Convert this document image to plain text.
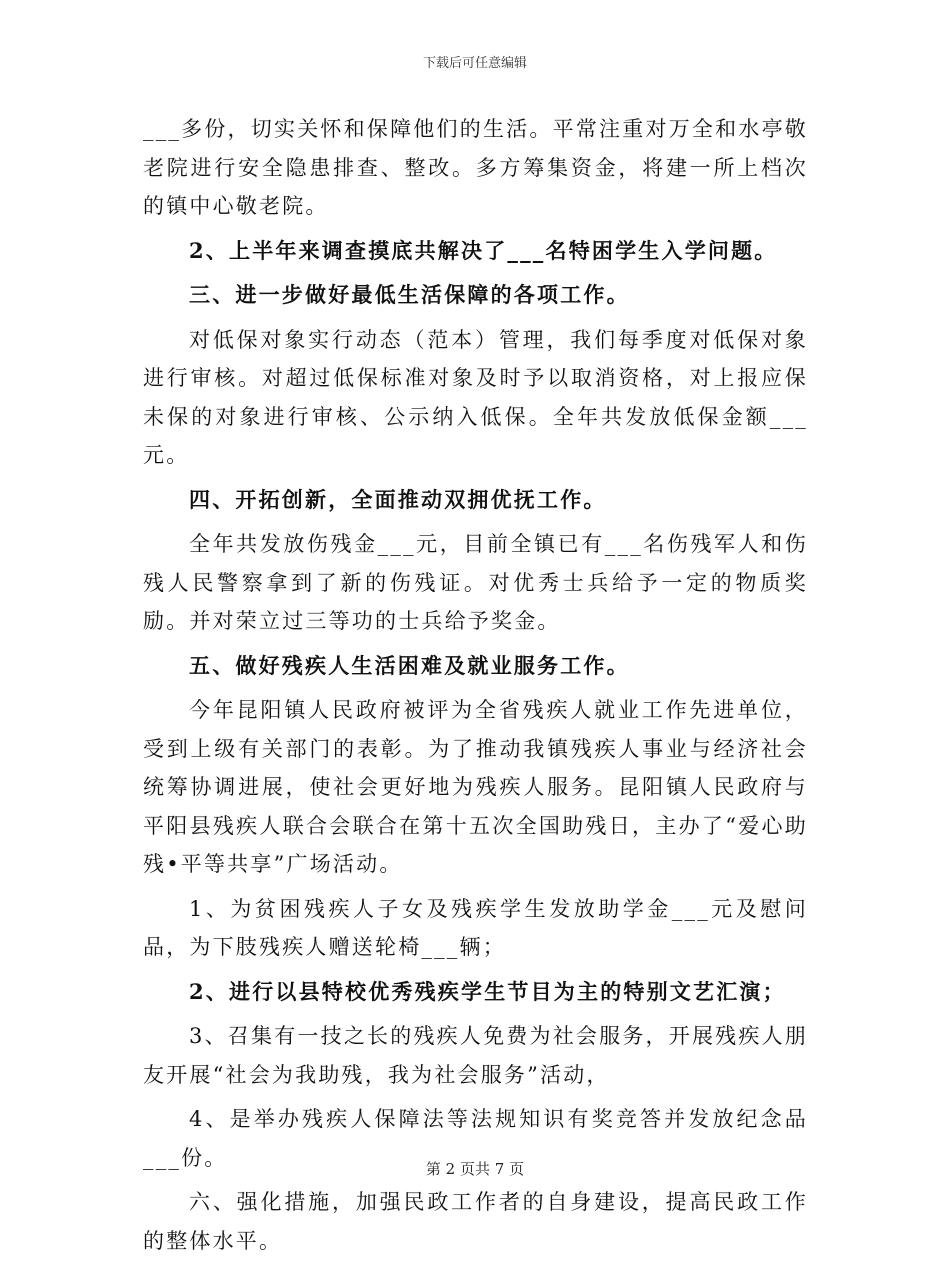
下载后可任意编辑

___多份，切实关怀和保障他们的生活。平常注重对万全和水亭敬老院进行安全隐患排查、整改。多方筹集资金，将建一所上档次的镇中心敬老院。

2、上半年来调查摸底共解决了___名特困学生入学问题。

三、进一步做好最低生活保障的各项工作。

对低保对象实行动态（范本）管理，我们每季度对低保对象进行审核。对超过低保标准对象及时予以取消资格，对上报应保未保的对象进行审核、公示纳入低保。全年共发放低保金额___元。

四、开拓创新，全面推动双拥优抚工作。

全年共发放伤残金___元，目前全镇已有___名伤残军人和伤残人民警察拿到了新的伤残证。对优秀士兵给予一定的物质奖励。并对荣立过三等功的士兵给予奖金。

五、做好残疾人生活困难及就业服务工作。

今年昆阳镇人民政府被评为全省残疾人就业工作先进单位，受到上级有关部门的表彰。为了推动我镇残疾人事业与经济社会统筹协调进展，使社会更好地为残疾人服务。昆阳镇人民政府与平阳县残疾人联合会联合在第十五次全国助残日，主办了“爱心助残•平等共享”广场活动。

1、为贫困残疾人子女及残疾学生发放助学金___元及慰问品，为下肢残疾人赠送轮椅___辆；

2、进行以县特校优秀残疾学生节目为主的特别文艺汇演；

3、召集有一技之长的残疾人免费为社会服务，开展残疾人朋友开展“社会为我助残，我为社会服务”活动，

4、是举办残疾人保障法等法规知识有奖竞答并发放纪念品___份。

六、强化措施，加强民政工作者的自身建设，提高民政工作的整体水平。

第 2 页共 7 页
